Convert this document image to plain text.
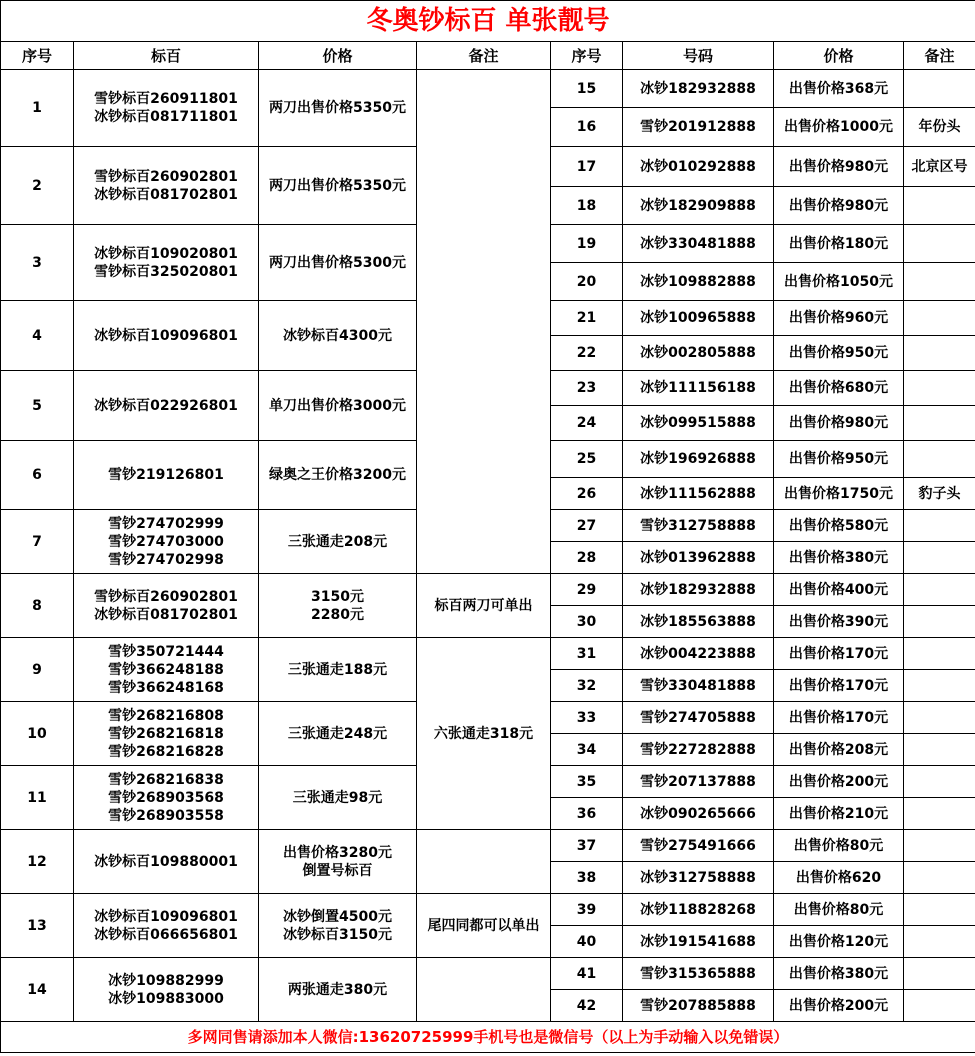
冬奥钞标百 单张靓号							
序号	标百	价格	备注	序号	号码	价格	备注
1	雪钞标百260911801
冰钞标百081711801	两刀出售价格5350元		15	冰钞182932888	出售价格368元	
				16	雪钞201912888	出售价格1000元	年份头
2	雪钞标百260902801
冰钞标百081702801	两刀出售价格5350元		17	冰钞010292888	出售价格980元	北京区号
				18	冰钞182909888	出售价格980元	
3	冰钞标百109020801
雪钞标百325020801	两刀出售价格5300元		19	冰钞330481888	出售价格180元	
				20	冰钞109882888	出售价格1050元	
4	冰钞标百109096801	冰钞标百4300元		21	冰钞100965888	出售价格960元	
				22	冰钞002805888	出售价格950元	
5	冰钞标百022926801	单刀出售价格3000元		23	冰钞111156188	出售价格680元	
				24	冰钞099515888	出售价格980元	
6	雪钞219126801	绿奥之王价格3200元		25	冰钞196926888	出售价格950元	
				26	冰钞111562888	出售价格1750元	豹子头
7	雪钞274702999
雪钞274703000
雪钞274702998	三张通走208元		27	雪钞312758888	出售价格580元	
				28	冰钞013962888	出售价格380元	
8	雪钞标百260902801
冰钞标百081702801	3150元
2280元	标百两刀可单出	29	冰钞182932888	出售价格400元	
				30	冰钞185563888	出售价格390元	
9	雪钞350721444
雪钞366248188
雪钞366248168	三张通走188元	六张通走318元	31	冰钞004223888	出售价格170元	
				32	雪钞330481888	出售价格170元	
10	雪钞268216808
雪钞268216818
雪钞268216828	三张通走248元		33	雪钞274705888	出售价格170元	
				34	雪钞227282888	出售价格208元	
11	雪钞268216838
雪钞268903568
雪钞268903558	三张通走98元		35	雪钞207137888	出售价格200元	
				36	冰钞090265666	出售价格210元	
12	冰钞标百109880001	出售价格3280元
倒置号标百		37	雪钞275491666	出售价格80元	
				38	冰钞312758888	出售价格620	
13	冰钞标百109096801
冰钞标百066656801	冰钞倒置4500元
冰钞标百3150元	尾四同都可以单出	39	冰钞118828268	出售价格80元	
				40	冰钞191541688	出售价格120元	
14	冰钞109882999
冰钞109883000	两张通走380元		41	雪钞315365888	出售价格380元	
				42	雪钞207885888	出售价格200元	
多网同售请添加本人微信:13620725999手机号也是微信号（以上为手动输入以免错误）							
